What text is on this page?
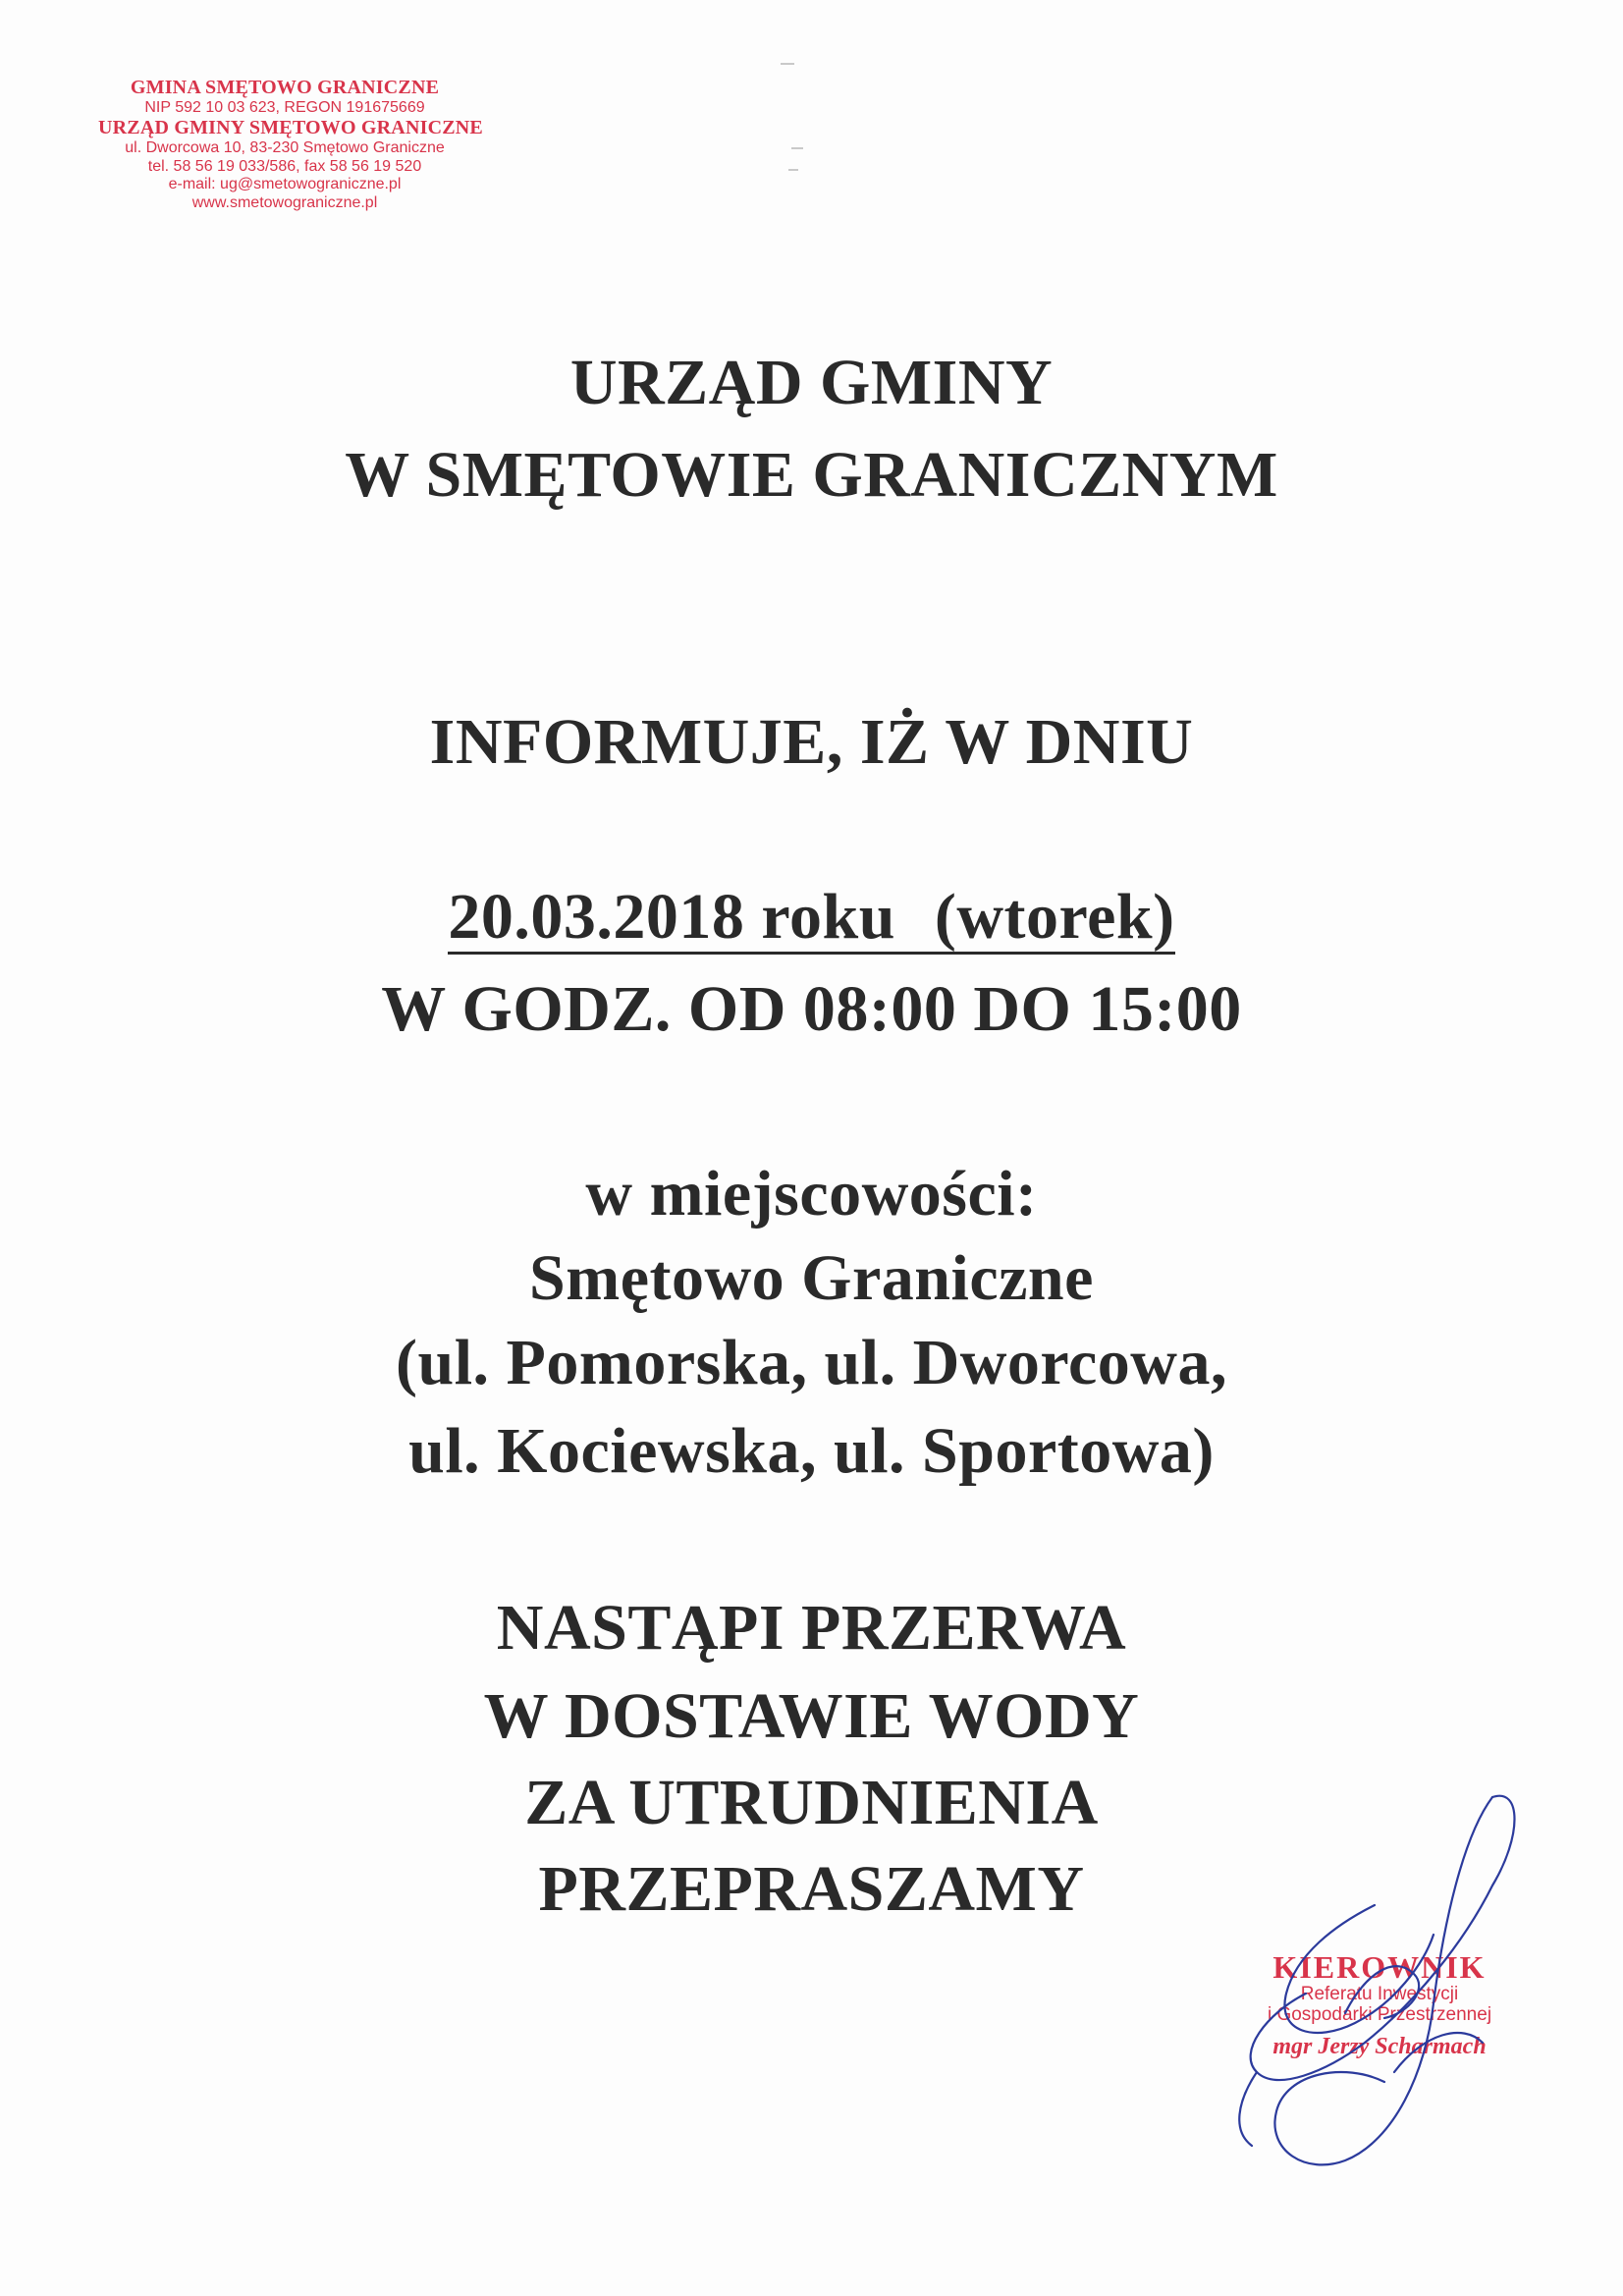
GMINA SMĘTOWO GRANICZNE
NIP 592 10 03 623, REGON 191675669
URZĄD GMINY SMĘTOWO GRANICZNE
ul. Dworcowa 10, 83-230 Smętowo Graniczne
tel. 58 56 19 033/586, fax 58 56 19 520
e-mail: ug@smetowograniczne.pl
www.smetowograniczne.pl
URZĄD GMINY
W SMĘTOWIE GRANICZNYM
INFORMUJE, IŻ W DNIU
20.03.2018 roku (wtorek)
W GODZ. OD 08:00 DO 15:00
w miejscowości:
Smętowo Graniczne
(ul. Pomorska, ul. Dworcowa,
ul. Kociewska, ul. Sportowa)
NASTĄPI PRZERWA
W DOSTAWIE WODY
ZA UTRUDNIENIA
PRZEPRASZAMY
KIEROWNIK
Referatu Inwestycji
i Gospodarki Przestrzennej
mgr Jerzy Scharmach
